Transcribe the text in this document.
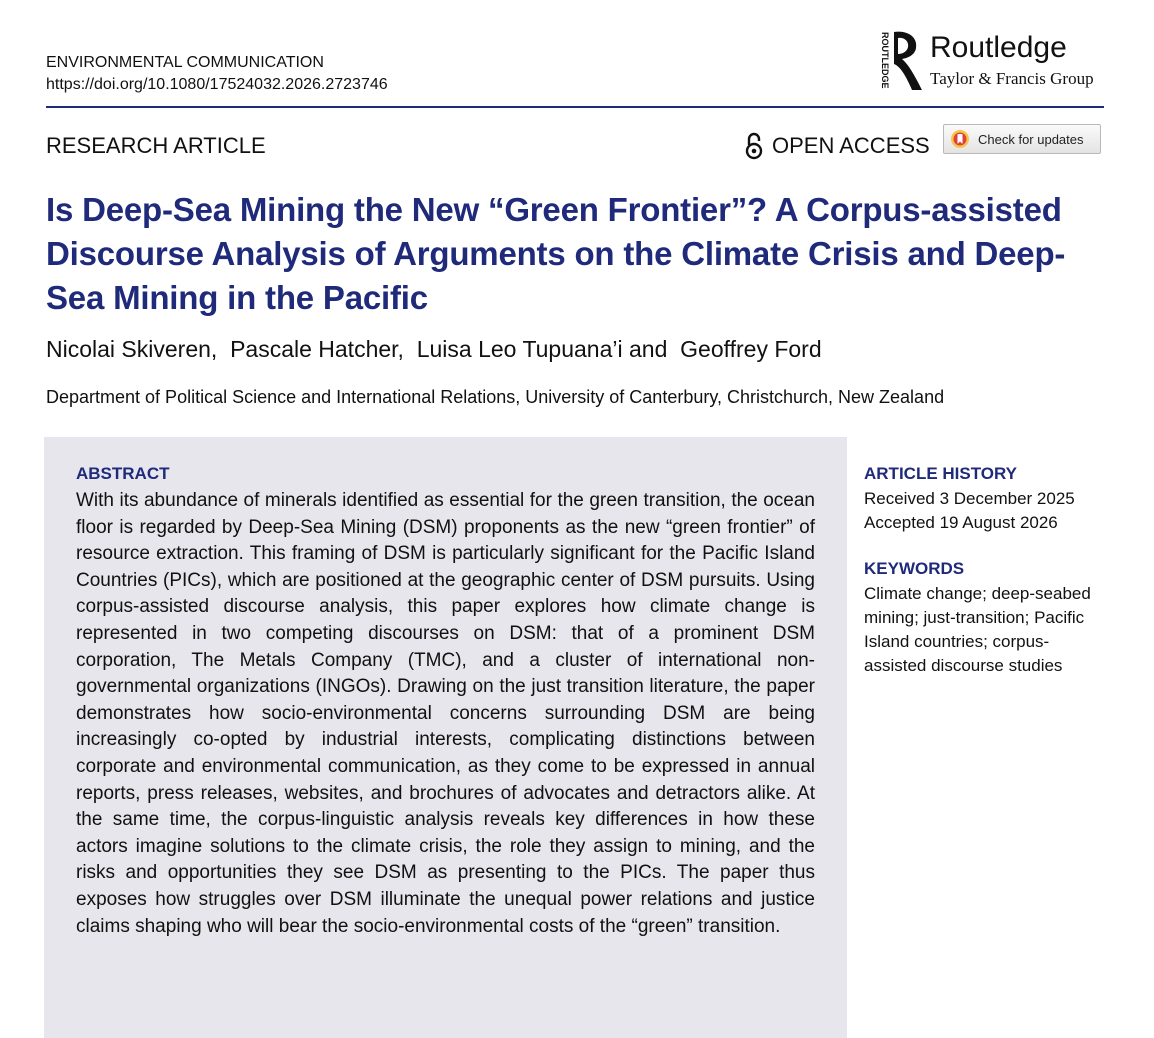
ENVIRONMENTAL COMMUNICATION
https://doi.org/10.1080/17524032.2026.2723746	ROUTLEDGE Routledge
Taylor & Francis Group
RESEARCH ARTICLE	OPEN ACCESS	Check for updates
Is Deep-Sea Mining the New “Green Frontier”? A Corpus-assisted
Discourse Analysis of Arguments on the Climate Crisis and Deep-
Sea Mining in the Pacific
Nicolai Skiveren,  Pascale Hatcher,  Luisa Leo Tupuana’i and  Geoffrey Ford
Department of Political Science and International Relations, University of Canterbury, Christchurch, New Zealand
ABSTRACT

With its abundance of minerals identified as essential for the green transition, the ocean floor is regarded by Deep-Sea Mining (DSM) proponents as the new “green frontier” of resource extraction. This framing of DSM is particularly significant for the Pacific Island Countries (PICs), which are positioned at the geographic center of DSM pursuits. Using corpus-assisted discourse analysis, this paper explores how climate change is represented in two competing discourses on DSM: that of a prominent DSM corporation, The Metals Company (TMC), and a cluster of international non-governmental organizations (INGOs). Drawing on the just transition literature, the paper demonstrates how socio-environmental concerns surrounding DSM are being increasingly co-opted by industrial interests, complicating distinctions between corporate and environmental communication, as they come to be expressed in annual reports, press releases, websites, and brochures of advocates and detractors alike. At the same time, the corpus-linguistic analysis reveals key differences in how these actors imagine solutions to the climate crisis, the role they assign to mining, and the risks and opportunities they see DSM as presenting to the PICs. The paper thus exposes how struggles over DSM illuminate the unequal power relations and justice claims shaping who will bear the socio-environmental costs of the “green” transition.

ARTICLE HISTORY
Received 3 December 2025
Accepted 19 August 2026
KEYWORDS
Climate change; deep-seabed mining; just-transition; Pacific Island countries; corpus-assisted discourse studies
